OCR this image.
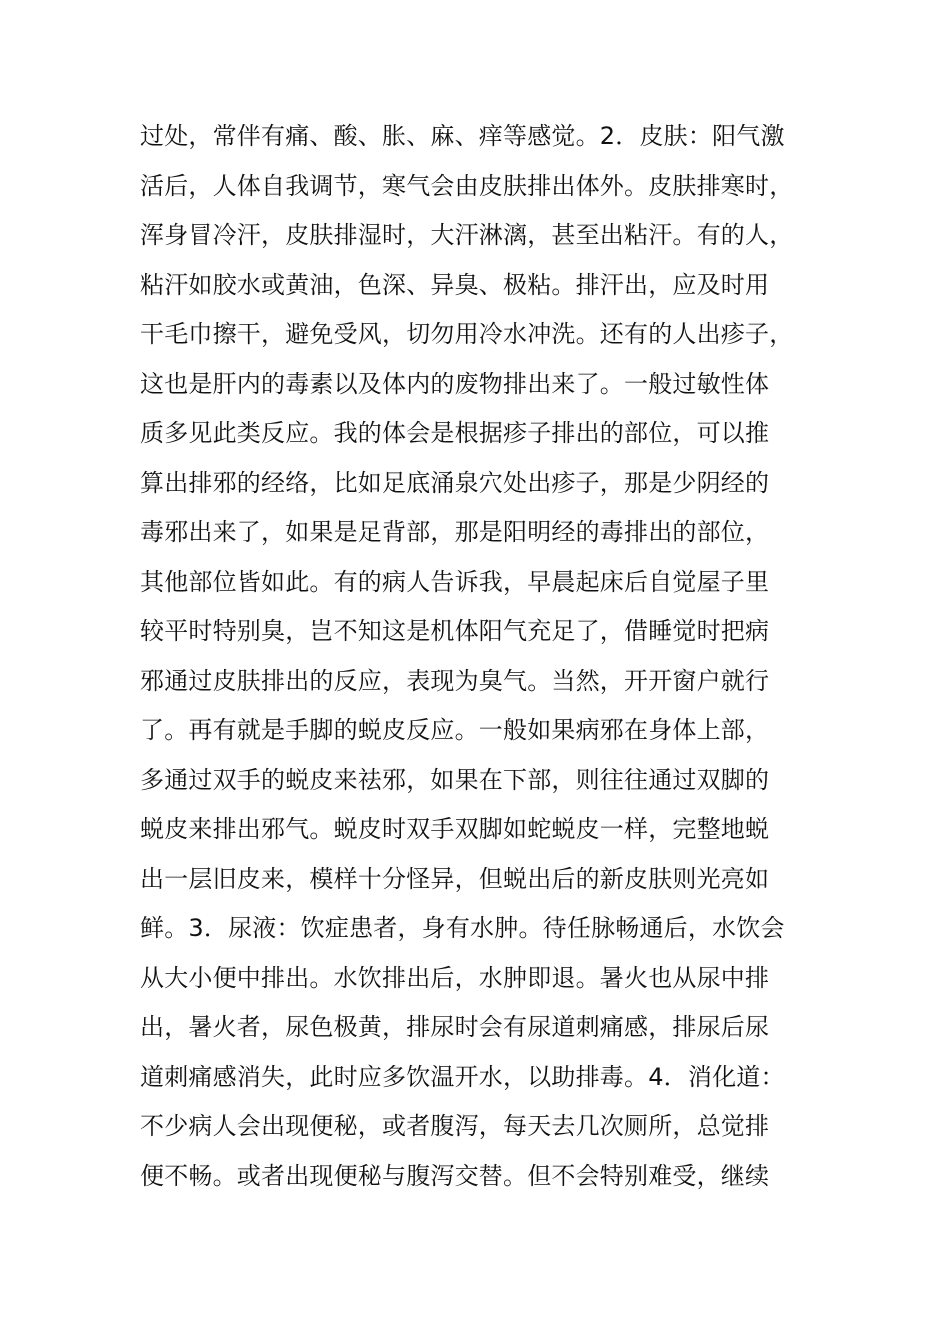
过处，常伴有痛、酸、胀、麻、痒等感觉。2．皮肤：阳气激
活后，人体自我调节，寒气会由皮肤排出体外。皮肤排寒时，
浑身冒冷汗，皮肤排湿时，大汗淋漓，甚至出粘汗。有的人，
粘汗如胶水或黄油，色深、异臭、极粘。排汗出，应及时用
干毛巾擦干，避免受风，切勿用冷水冲洗。还有的人出疹子，
这也是肝内的毒素以及体内的废物排出来了。一般过敏性体
质多见此类反应。我的体会是根据疹子排出的部位，可以推
算出排邪的经络，比如足底涌泉穴处出疹子，那是少阴经的
毒邪出来了，如果是足背部，那是阳明经的毒排出的部位，
其他部位皆如此。有的病人告诉我，早晨起床后自觉屋子里
较平时特别臭，岂不知这是机体阳气充足了，借睡觉时把病
邪通过皮肤排出的反应，表现为臭气。当然，开开窗户就行
了。再有就是手脚的蜕皮反应。一般如果病邪在身体上部，
多通过双手的蜕皮来祛邪，如果在下部，则往往通过双脚的
蜕皮来排出邪气。蜕皮时双手双脚如蛇蜕皮一样，完整地蜕
出一层旧皮来，模样十分怪异，但蜕出后的新皮肤则光亮如
鲜。3．尿液：饮症患者，身有水肿。待任脉畅通后，水饮会
从大小便中排出。水饮排出后，水肿即退。暑火也从尿中排
出，暑火者，尿色极黄，排尿时会有尿道刺痛感，排尿后尿
道刺痛感消失，此时应多饮温开水，以助排毒。4．消化道：
不少病人会出现便秘，或者腹泻，每天去几次厕所，总觉排
便不畅。或者出现便秘与腹泻交替。但不会特别难受，继续
